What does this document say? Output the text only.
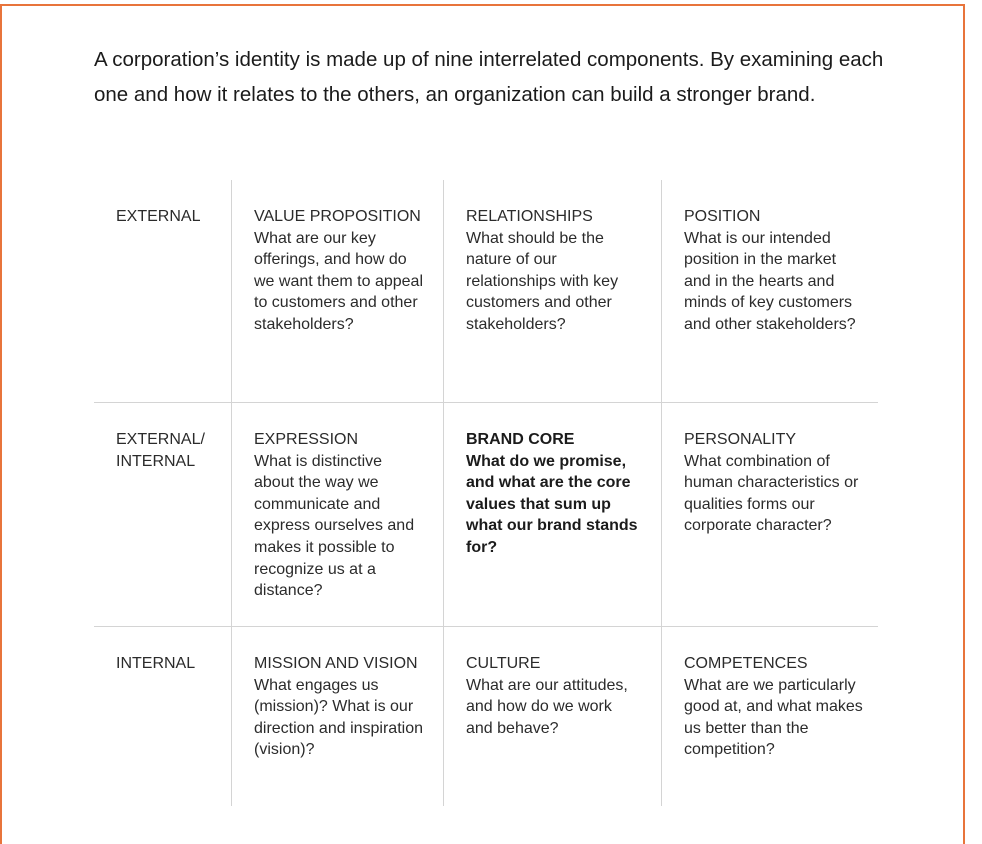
A corporation’s identity is made up of nine interrelated components. By examining each one and how it relates to the others, an organization can build a stronger brand.

EXTERNAL	VALUE PROPOSITION
What are our key offerings, and how do we want them to appeal to customers and other stakeholders?
RELATIONSHIPS
What should be the nature of our relationships with key customers and other stakeholders?
POSITION
What is our intended position in the market and in the hearts and minds of key customers and other stakeholders?
EXTERNAL/ INTERNAL
EXPRESSION
What is distinctive about the way we communicate and express ourselves and makes it possible to recognize us at a distance?
BRAND CORE
What do we promise, and what are the core values that sum up what our brand stands for?
PERSONALITY
What combination of human characteristics or qualities forms our corporate character?
INTERNAL	MISSION AND VISION
What engages us (mission)? What is our direction and inspiration (vision)?
CULTURE
What are our attitudes, and how do we work and behave?
COMPETENCES
What are we particularly good at, and what makes us better than the competition?
